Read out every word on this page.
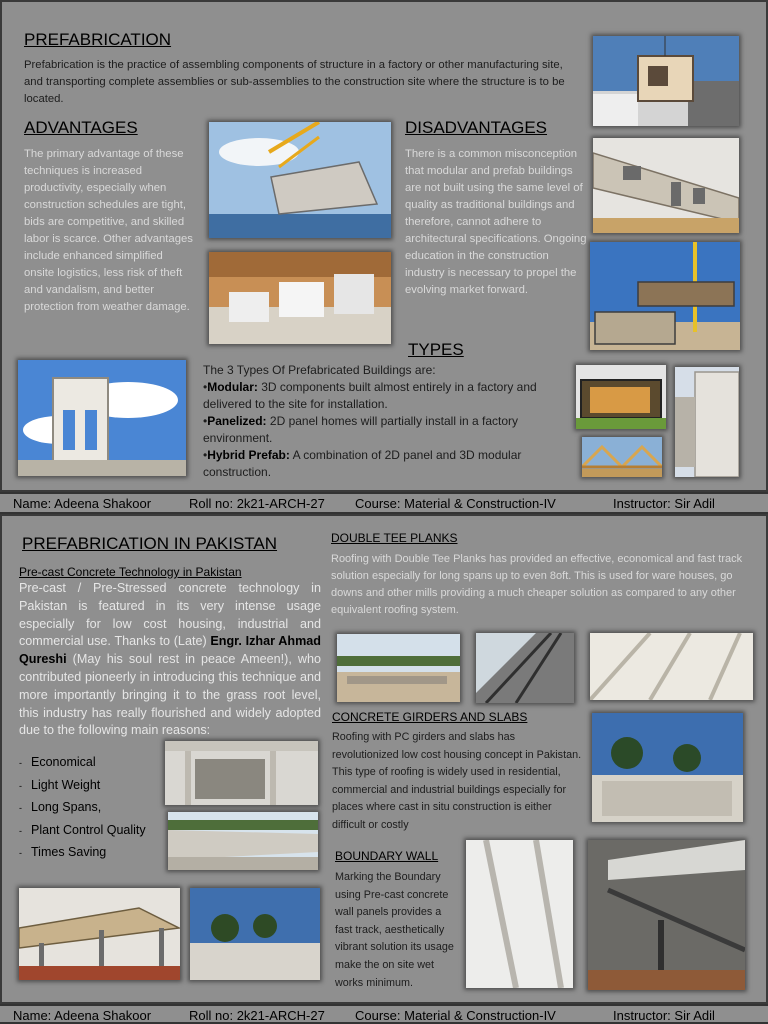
PREFABRICATION

Prefabrication is the practice of assembling components of structure in a factory or other manufacturing site, and transporting complete assemblies or sub-assemblies to the construction site where the structure is to be located.

ADVANTAGES

The primary advantage of these techniques is increased productivity, especially when construction schedules are tight, bids are competitive, and skilled labor is scarce. Other advantages include enhanced simplified onsite logistics, less risk of theft and vandalism, and better protection from weather damage.

DISADVANTAGES

There is a common misconception that modular and prefab buildings are not built using the same level of quality as traditional buildings and therefore, cannot adhere to architectural specifications. Ongoing education in the construction industry is necessary to propel the evolving market forward.

TYPES
The 3 Types Of Prefabricated Buildings are:
•Modular: 3D components built almost entirely in a factory and delivered to the site for installation.
•Panelized: 2D panel homes will partially install in a factory environment.
•Hybrid Prefab: A combination of 2D panel and 3D modular construction.
Name: Adeena Shakoor	Roll no: 2k21-ARCH-27 Course: Material & Construction-IV	Instructor: Sir Adil
PREFABRICATION IN PAKISTAN

Pre-cast Concrete Technology in Pakistan

Pre-cast / Pre-Stressed concrete technology in Pakistan is featured in its very intense usage especially for low cost housing, industrial and commercial use. Thanks to (Late) Engr. Izhar Ahmad Qureshi (May his soul rest in peace Ameen!), who contributed pioneerly in introducing this technique and more importantly bringing it to the grass root level, this industry has really flourished and widely adopted due to the following main reasons:

- Economical
- Light Weight
- Long Spans,
- Plant Control Quality
- Times Saving

DOUBLE TEE PLANKS

Roofing with Double Tee Planks has provided an effective, economical and fast track solution especially for long spans up to even 8oft. This is used for ware houses, go downs and other mills providing a much cheaper solution as compared to any other equivalent roofing system.

CONCRETE GIRDERS AND SLABS

Roofing with PC girders and slabs has revolutionized low cost housing concept in Pakistan. This type of roofing is widely used in residential, commercial and industrial buildings especially for places where cast in situ construction is either difficult or costly

BOUNDARY WALL

Marking the Boundary using Pre-cast concrete wall panels provides a fast track, aesthetically vibrant solution its usage make the on site wet works minimum.

Name: Adeena Shakoor	Roll no: 2k21-ARCH-27 Course: Material & Construction-IV	Instructor: Sir Adil
